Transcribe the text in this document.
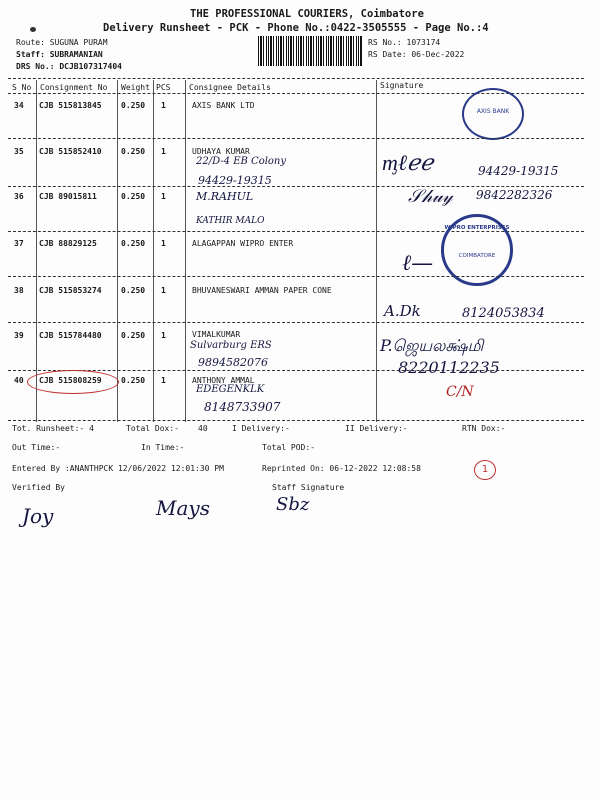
THE PROFESSIONAL COURIERS, Coimbatore
Delivery Runsheet - PCK - Phone No.:0422-3505555 - Page No.:4
Route: SUGUNA PURAM
Staff: SUBRAMANIAN
DRS No.: DCJB107317404
RS No.: 1073174
RS Date: 06-Dec-2022
S No Consignment No Weight PCS Consignee Details	Signature
34 CJB 515813845 0.250 1	AXIS BANK LTD
AXIS BANK
35 CJB 515852410 0.250 1	UDHAYA KUMAR
22/D-4 EB Colony
94429-19315
ᶆℓℯℯ	94429-19315
36 CJB 89015811	0.250 1	M.RAHUL
KATHIR MALO
𝒮𝒽𝓊𝓎 9842282326
37 CJB 88829125	0.250 1	ALAGAPPAN WIPRO ENTER
WIPRO ENTERPRISES
COIMBATORE
ℓ—
38 CJB 515853274 0.250 1	BHUVANESWARI AMMAN PAPER CONE
A.Dk	8124053834
39 CJB 515784480 0.250 1	VIMALKUMAR
Sulvarburg ERS
9894582076
P.ஜெயலக்ஷ்மி
8220112235
40 CJB 515808259 0.250 1	ANTHONY AMMAL
EDEGENKLK
8148733907
C/N
Tot. Runsheet:- 4	Total Dox:- 40	I Delivery:-	II Delivery:-	RTN Dox:-
Out Time:-	In Time:-	Total POD:-
Entered By :ANANTHPCK 12/06/2022 12:01:30 PM	Reprinted On: 06-12-2022 12:08:58	1
Verified By	Staff Signature
Joy	Mays	Sbz
